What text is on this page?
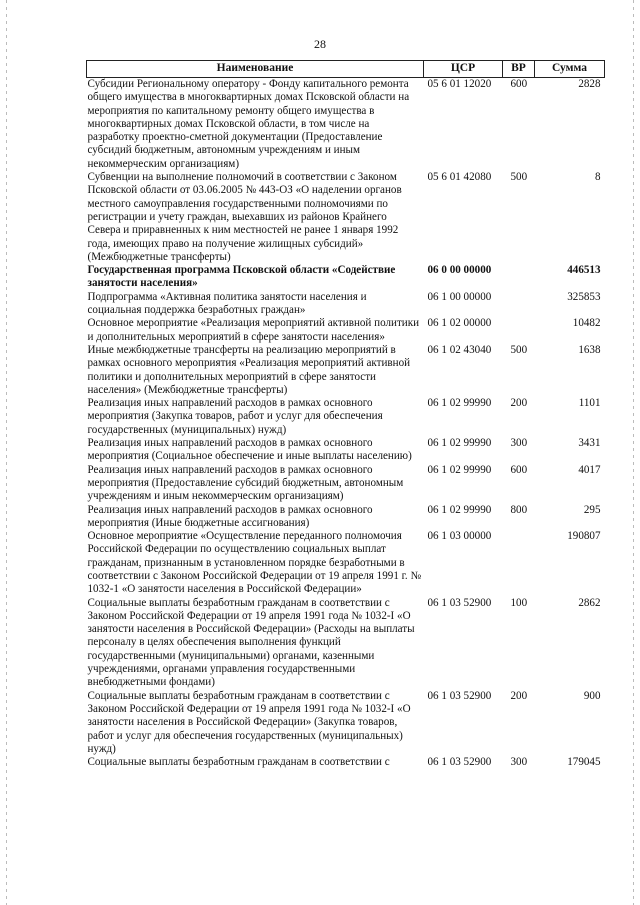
28
Наименование	ЦСР	ВР	Сумма
Субсидии Региональному оператору - Фонду капитального ремонта общего имущества в многоквартирных домах Псковской области на мероприятия по капитальному ремонту общего имущества в многоквартирных домах Псковской области, в том числе на разработку проектно-сметной документации (Предоставление субсидий бюджетным, автономным учреждениям и иным некоммерческим организациям)	05 6 01 12020	600	2828
Субвенции на выполнение полномочий в соответствии с Законом Псковской области от 03.06.2005 № 443-ОЗ «О наделении органов местного самоуправления государственными полномочиями по регистрации и учету граждан, выехавших из районов Крайнего Севера и приравненных к ним местностей не ранее 1 января 1992 года, имеющих право на получение жилищных субсидий» (Межбюджетные трансферты)	05 6 01 42080	500	8
Государственная программа Псковской области «Содействие занятости населения»	06 0 00 00000		446513
Подпрограмма «Активная политика занятости населения и социальная поддержка безработных граждан»	06 1 00 00000		325853
Основное мероприятие «Реализация мероприятий активной политики и дополнительных мероприятий в сфере занятости населения»	06 1 02 00000		10482
Иные межбюджетные трансферты на реализацию мероприятий в рамках основного мероприятия «Реализация мероприятий активной политики и дополнительных мероприятий в сфере занятости населения» (Межбюджетные трансферты)	06 1 02 43040	500	1638
Реализация иных направлений расходов в рамках основного мероприятия (Закупка товаров, работ и услуг для обеспечения государственных (муниципальных) нужд)	06 1 02 99990	200	1101
Реализация иных направлений расходов в рамках основного мероприятия (Социальное обеспечение и иные выплаты населению)	06 1 02 99990	300	3431
Реализация иных направлений расходов в рамках основного мероприятия (Предоставление субсидий бюджетным, автономным учреждениям и иным некоммерческим организациям)	06 1 02 99990	600	4017
Реализация иных направлений расходов в рамках основного мероприятия (Иные бюджетные ассигнования)	06 1 02 99990	800	295
Основное мероприятие «Осуществление переданного полномочия Российской Федерации по осуществлению социальных выплат гражданам, признанным в установленном порядке безработными в соответствии с Законом Российской Федерации от 19 апреля 1991 г. № 1032-1 «О занятости населения в Российской Федерации»	06 1 03 00000		190807
Социальные выплаты безработным гражданам в соответствии с Законом Российской Федерации от 19 апреля 1991 года № 1032-I «О занятости населения в Российской Федерации» (Расходы на выплаты персоналу в целях обеспечения выполнения функций государственными (муниципальными) органами, казенными учреждениями, органами управления государственными внебюджетными фондами)	06 1 03 52900	100	2862
Социальные выплаты безработным гражданам в соответствии с Законом Российской Федерации от 19 апреля 1991 года № 1032-I «О занятости населения в Российской Федерации» (Закупка товаров, работ и услуг для обеспечения государственных (муниципальных) нужд)	06 1 03 52900	200	900
Социальные выплаты безработным гражданам в соответствии с	06 1 03 52900	300	179045
